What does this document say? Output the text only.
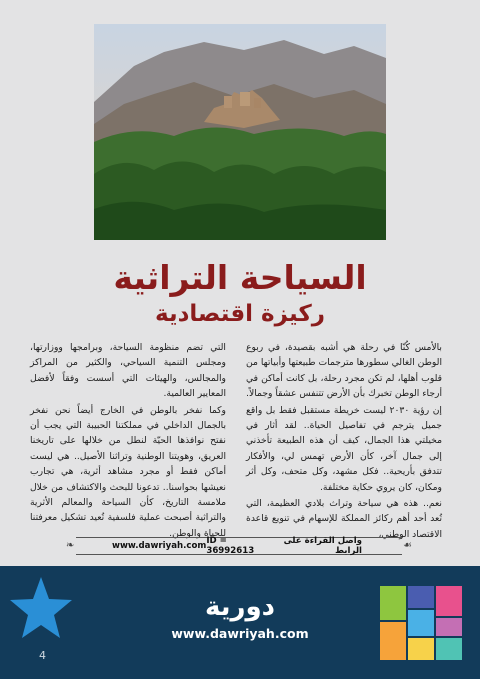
السياحة التراثية
ركيزة اقتصادية

بالأمس كُنّا في رحلة هي أشبه بقصيدة، في ربوع الوطن الغالي سطورها مترجمات طبيعتها وأبياتها من قلوب أهلها، لم تكن مجرد رحلة، بل كانت أماكن في أرجاء الوطن تخبرك بأن الأرض تتنفس عشقاً وجمالاً.

إن رؤية ٢٠٣٠ ليست خريطة مستقبل فقط بل واقع جميل يترجم في تفاصيل الحياة.. لقد أثار في مخيلتي هذا الجمال، كيف أن هذه الطبيعة تأخذني إلى جمال آخر، كأن الأرض تهمس لي، والأفكار تتدفق بأريحية.. فكل مشهد، وكل متحف، وكل أثر ومكان، كان يروي حكاية مختلفة.

نعم.. هذه هي سياحة وتراث بلادي العظيمة، التي تُعد أحد أهم ركائز المملكة للإسهام في تنويع قاعدة الاقتصاد الوطني،

التي تضم منظومة السياحة، وبرامجها ووزارتها، ومجلس التنمية السياحي، والكثير من المراكز والمجالس، والهيئات التي أسست وفقاً لأفضل المعايير العالمية.

وكما نفخر بالوطن في الخارج أيضاً نحن نفخر بالجمال الداخلي في مملكتنا الحبيبة التي يجب أن نفتح نوافذها الحيّة لنطل من خلالها على تاريخنا العريق، وهويتنا الوطنية وتراثنا الأصيل.. هي ليست أماكن فقط أو مجرد مشاهد أثرية، هي تجارب نعيشها بحواسنا.. تدعونا للبحث والاكتشاف من خلال ملامسة التاريخ، كأن السياحة والمعالم الأثرية والتراثية أصبحت عملية فلسفية تُعيد تشكيل معرفتنا للحياة والوطن.

❧	www.dawriyah.com ID = 36992613
واصل القراءة على الرابط	☙
4
دورية
www.dawriyah.com
